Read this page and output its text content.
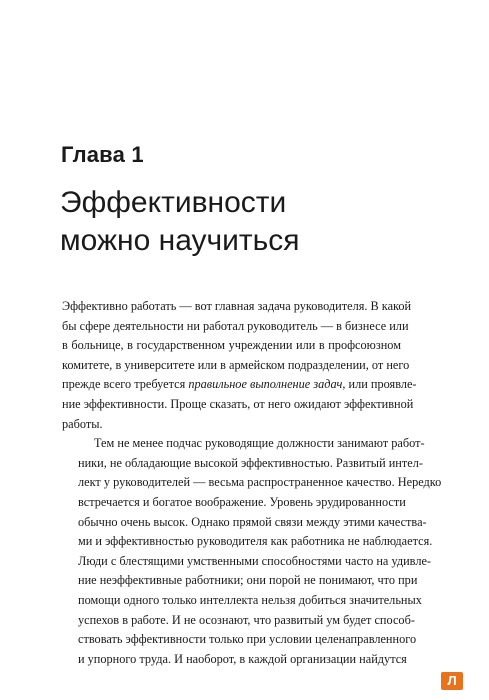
Глава 1
Эффективности
можно научиться

Эффективно работать — вот главная задача руководителя. В какой
бы сфере деятельности ни работал руководитель — в бизнесе или
в больнице, в государственном учреждении или в профсоюзном
комитете, в университете или в армейском подразделении, от него
прежде всего требуется правильное выполнение задач, или проявле-
ние эффективности. Проще сказать, от него ожидают эффективной
работы.

Тем не менее подчас руководящие должности занимают работ-
ники, не обладающие высокой эффективностью. Развитый интел-
лект у руководителей — весьма распространенное качество. Нередко
встречается и богатое воображение. Уровень эрудированности
обычно очень высок. Однако прямой связи между этими качества-
ми и эффективностью руководителя как работника не наблюдается.
Люди с блестящими умственными способностями часто на удивле-
ние неэффективные работники; они порой не понимают, что при
помощи одного только интеллекта нельзя добиться значительных
успехов в работе. И не осознают, что развитый ум будет способ-
ствовать эффективности только при условии целенаправленного
и упорного труда. И наоборот, в каждой организации найдутся

Л
